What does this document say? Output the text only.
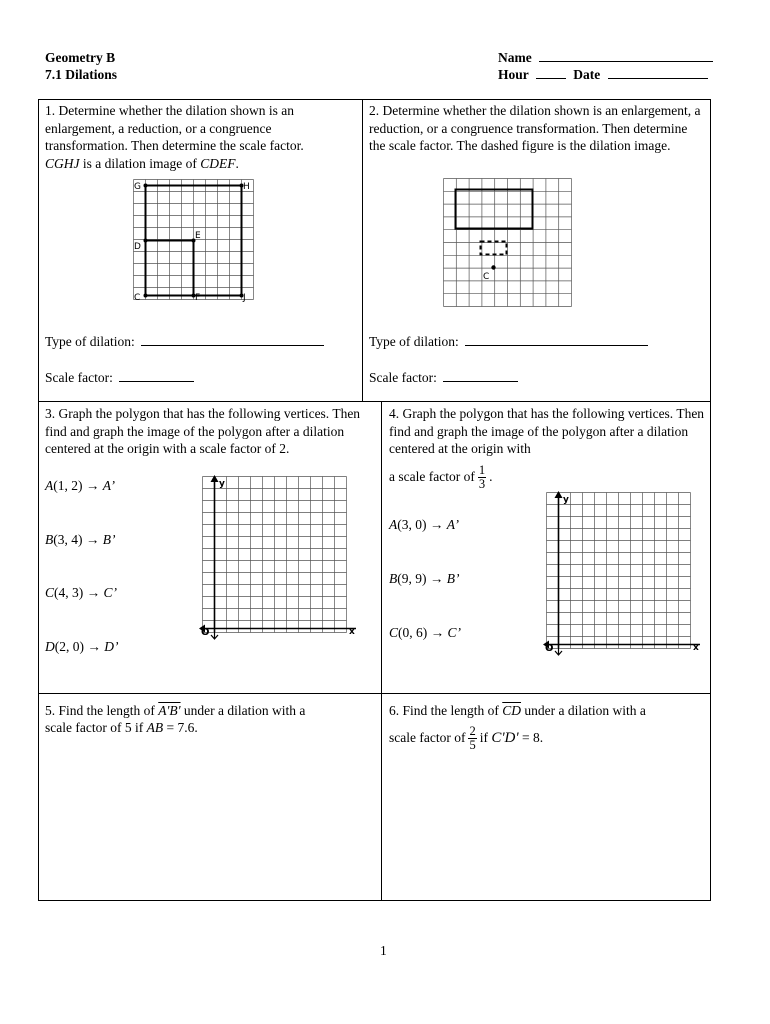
Geometry B
7.1 Dilations
Name
Hour	Date
1. Determine whether the dilation shown is an enlargement, a reduction, or a congruence transformation. Then determine the scale factor.
CGHJ is a dilation image of CDEF.
G	H
E
D
C	F	J
Type of dilation:
Scale factor:
2. Determine whether the dilation shown is an enlargement, a reduction, or a congruence transformation. Then determine the scale factor. The dashed figure is the dilation image.
C
Type of dilation:
Scale factor:
3. Graph the polygon that has the following vertices. Then find and graph the image of the polygon after a dilation centered at the origin with a scale factor of 2.
A(1, 2) → A’
B(3, 4) → B’
C(4, 3) → C’
D(2, 0) → D’
y
O	x
4. Graph the polygon that has the following vertices. Then find and graph the image of the polygon after a dilation centered at the origin with
a scale factor of $\frac{1}{3}$ .
A(3, 0) → A’
B(9, 9) → B’
C(0, 6) → C’
y
O	x
5. Find the length of A'B' under a dilation with a
scale factor of 5 if AB = 7.6.
6. Find the length of $\overline{CD}$ under a dilation with a
scale factor of $\frac{2}{5}$ if C'D' = 8.
1
